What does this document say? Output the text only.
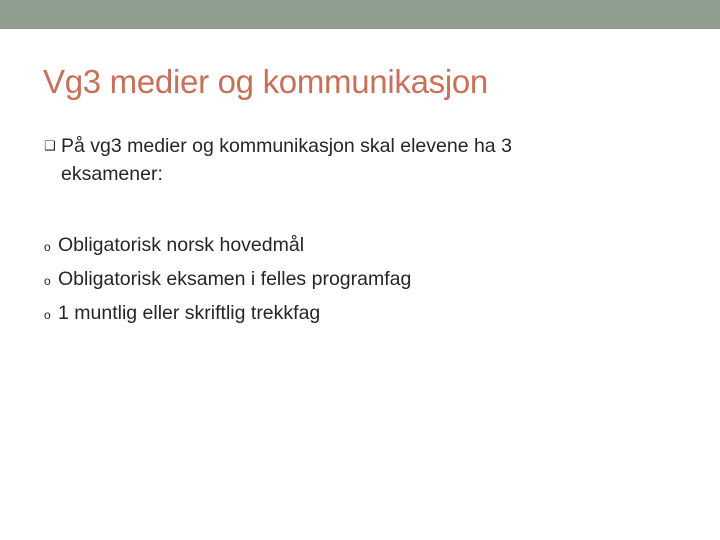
Vg3 medier og kommunikasjon
❑ På vg3 medier og kommunikasjon skal elevene ha 3 eksamener:
o Obligatorisk norsk hovedmål
o Obligatorisk eksamen i felles programfag
o 1 muntlig eller skriftlig trekkfag
